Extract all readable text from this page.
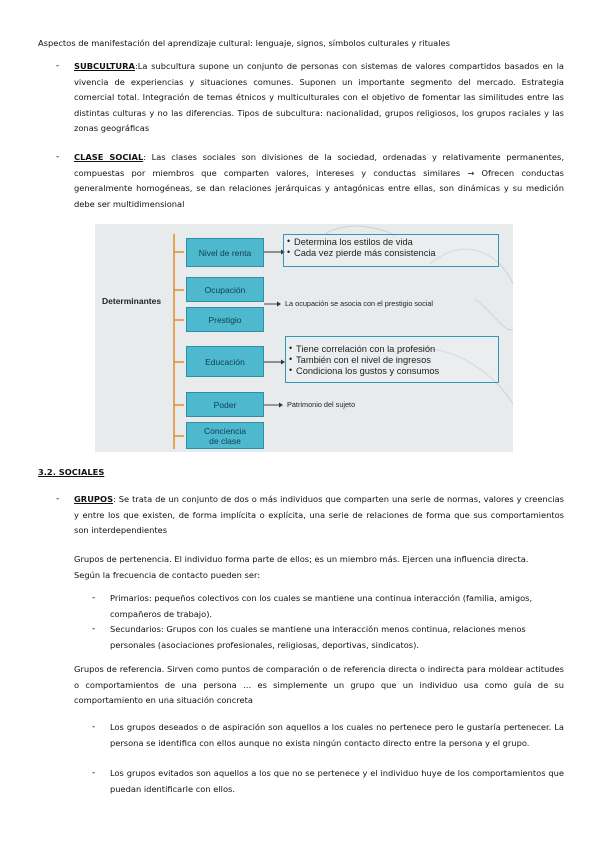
Aspectos de manifestación del aprendizaje cultural: lenguaje, signos, símbolos culturales y rituales
- SUBCULTURA:La subcultura supone un conjunto de personas con sistemas de valores compartidos basados en la vivencia de experiencias y situaciones comunes. Suponen un importante segmento del mercado. Estrategia comercial total. Integración de temas étnicos y multiculturales con el objetivo de fomentar las similitudes entre las distintas culturas y no las diferencias. Tipos de subcultura: nacionalidad, grupos religiosos, los grupos raciales y las zonas geográficas
- CLASE SOCIAL: Las clases sociales son divisiones de la sociedad, ordenadas y relativamente permanentes, compuestas por miembros que comparten valores, intereses y conductas similares → Ofrecen conductas generalmente homogéneas, se dan relaciones jerárquicas y antagónicas entre ellas, son dinámicas y su medición debe ser multidimensional
Determinantes
Nivel de renta
Ocupación
Prestigio
Educación
Poder
Conciencia
de clase
• Determina los estilos de vida
• Cada vez pierde más consistencia
La ocupación se asocia con el prestigio social
• Tiene correlación con la profesión
• También con el nivel de ingresos
• Condiciona los gustos y consumos
Patrimonio del sujeto
3.2. SOCIALES
- GRUPOS: Se trata de un conjunto de dos o más individuos que comparten una serie de normas, valores y creencias y entre los que existen, de forma implícita o explícita, una serie de relaciones de forma que sus comportamientos son interdependientes
Grupos de pertenencia. El individuo forma parte de ellos; es un miembro más. Ejercen una influencia directa.
Según la frecuencia de contacto pueden ser:
- Primarios: pequeños colectivos con los cuales se mantiene una continua interacción (familia, amigos,
compañeros de trabajo).
- Secundarios: Grupos con los cuales se mantiene una interacción menos continua, relaciones menos
personales (asociaciones profesionales, religiosas, deportivas, sindicatos).
Grupos de referencia. Sirven como puntos de comparación o de referencia directa o indirecta para moldear actitudes o comportamientos de una persona … es simplemente un grupo que un individuo usa como guía de su comportamiento en una situación concreta
- Los grupos deseados o de aspiración son aquellos a los cuales no pertenece pero le gustaría pertenecer. La persona se identifica con ellos aunque no exista ningún contacto directo entre la persona y el grupo.
- Los grupos evitados son aquellos a los que no se pertenece y el individuo huye de los comportamientos que puedan identificarle con ellos.
